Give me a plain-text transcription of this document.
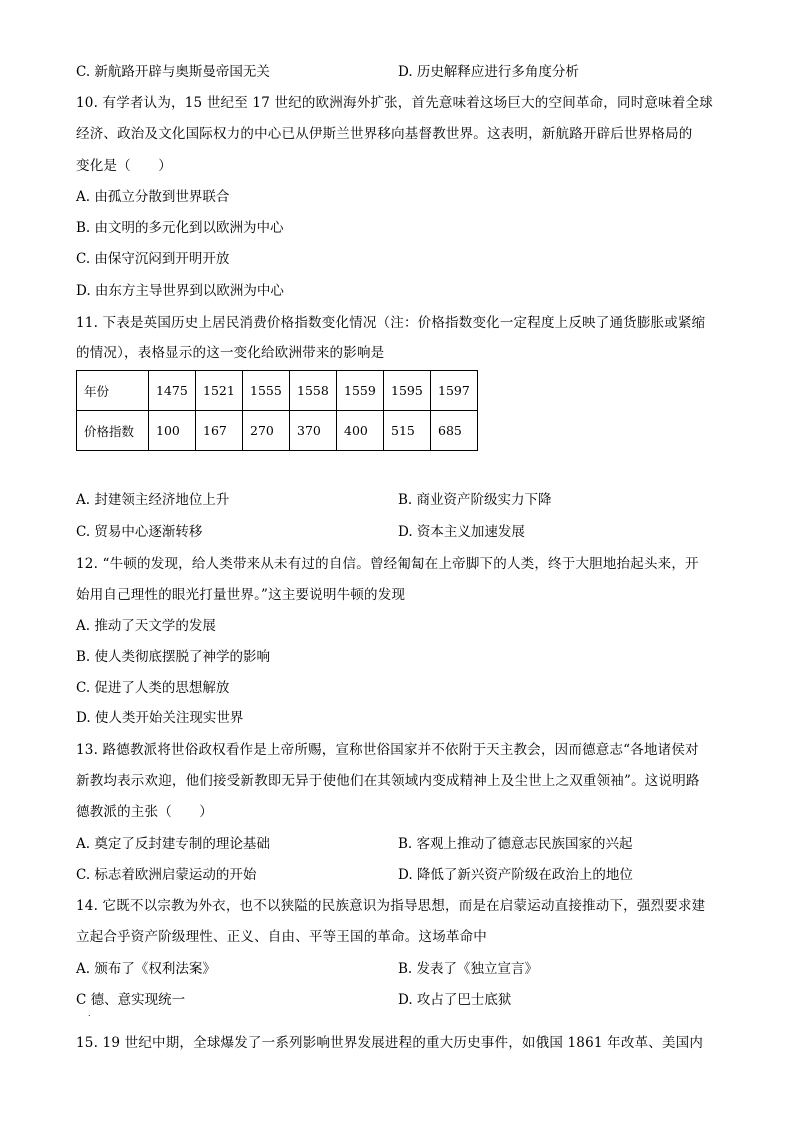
C. 新航路开辟与奥斯曼帝国无关	D. 历史解释应进行多角度分析
10. 有学者认为，15 世纪至 17 世纪的欧洲海外扩张，首先意味着这场巨大的空间革命，同时意味着全球
经济、政治及文化国际权力的中心已从伊斯兰世界移向基督教世界。这表明，新航路开辟后世界格局的
变化是（　　）
A. 由孤立分散到世界联合
B. 由文明的多元化到以欧洲为中心
C. 由保守沉闷到开明开放
D. 由东方主导世界到以欧洲为中心
11. 下表是英国历史上居民消费价格指数变化情况（注：价格指数变化一定程度上反映了通货膨胀或紧缩
的情况），表格显示的这一变化给欧洲带来的影响是
年份	1475	1521	1555	1558	1559	1595	1597
价格指数	100	167	270	370	400	515	685
A. 封建领主经济地位上升	B. 商业资产阶级实力下降
C. 贸易中心逐渐转移	D. 资本主义加速发展
12. “牛顿的发现，给人类带来从未有过的自信。曾经匍匐在上帝脚下的人类，终于大胆地抬起头来，开
始用自己理性的眼光打量世界。”这主要说明牛顿的发现
A. 推动了天文学的发展
B. 使人类彻底摆脱了神学的影响
C. 促进了人类的思想解放
D. 使人类开始关注现实世界
13. 路德教派将世俗政权看作是上帝所赐，宣称世俗国家并不依附于天主教会，因而德意志“各地诸侯对
新教均表示欢迎，他们接受新教即无异于使他们在其领域内变成精神上及尘世上之双重领袖”。这说明路
德教派的主张（　　）
A. 奠定了反封建专制的理论基础	B. 客观上推动了德意志民族国家的兴起
C. 标志着欧洲启蒙运动的开始	D. 降低了新兴资产阶级在政治上的地位
14. 它既不以宗教为外衣，也不以狭隘的民族意识为指导思想，而是在启蒙运动直接推动下，强烈要求建
立起合乎资产阶级理性、正义、自由、平等王国的革命。这场革命中
A. 颁布了《权利法案》	B. 发表了《独立宣言》
C 德、意实现统一	D. 攻占了巴士底狱
.
15. 19 世纪中期，全球爆发了一系列影响世界发展进程的重大历史事件，如俄国 1861 年改革、美国内
